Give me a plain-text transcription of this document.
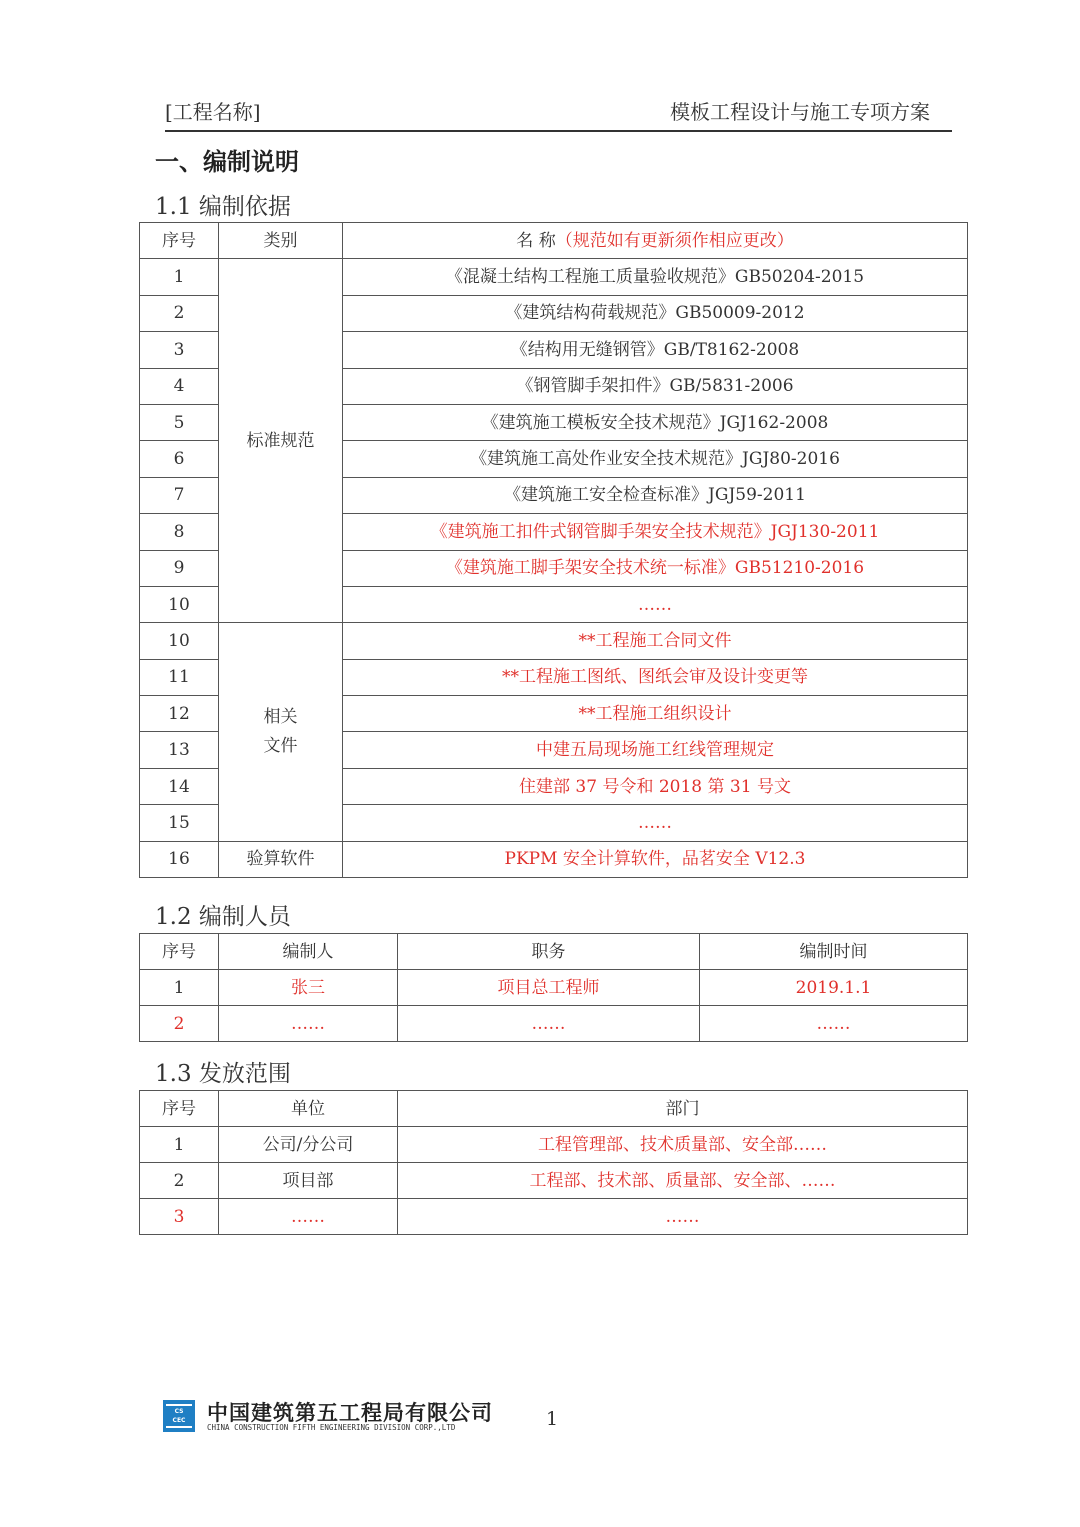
[工程名称]	模板工程设计与施工专项方案
一、编制说明
1.1 编制依据
序号	类别	名 称（规范如有更新须作相应更改）
1	标准规范	《混凝土结构工程施工质量验收规范》GB50204-2015
2		《建筑结构荷载规范》GB50009-2012
3		《结构用无缝钢管》GB/T8162-2008
4		《钢管脚手架扣件》GB/5831-2006
5		《建筑施工模板安全技术规范》JGJ162-2008
6		《建筑施工高处作业安全技术规范》JGJ80-2016
7		《建筑施工安全检查标准》JGJ59-2011
8		《建筑施工扣件式钢管脚手架安全技术规范》JGJ130-2011
9		《建筑施工脚手架安全技术统一标准》GB51210-2016
10		……
10	相关文件	**工程施工合同文件
11		**工程施工图纸、图纸会审及设计变更等
12		**工程施工组织设计
13		中建五局现场施工红线管理规定
14		住建部 37 号令和 2018 第 31 号文
15		……
16	验算软件	PKPM 安全计算软件，品茗安全 V12.3
1.2 编制人员
序号	编制人	职务	编制时间
1	张三	项目总工程师	2019.1.1
2	……	……	……
1.3 发放范围
序号	单位	部门
1	公司/分公司	工程管理部、技术质量部、安全部……
2	项目部	工程部、技术部、质量部、安全部、……
3	……	……
CS
CEC 中国建筑第五工程局有限公司
CHINA CONSTRUCTION FIFTH ENGINEERING DIVISION CORP.,LTD	1
